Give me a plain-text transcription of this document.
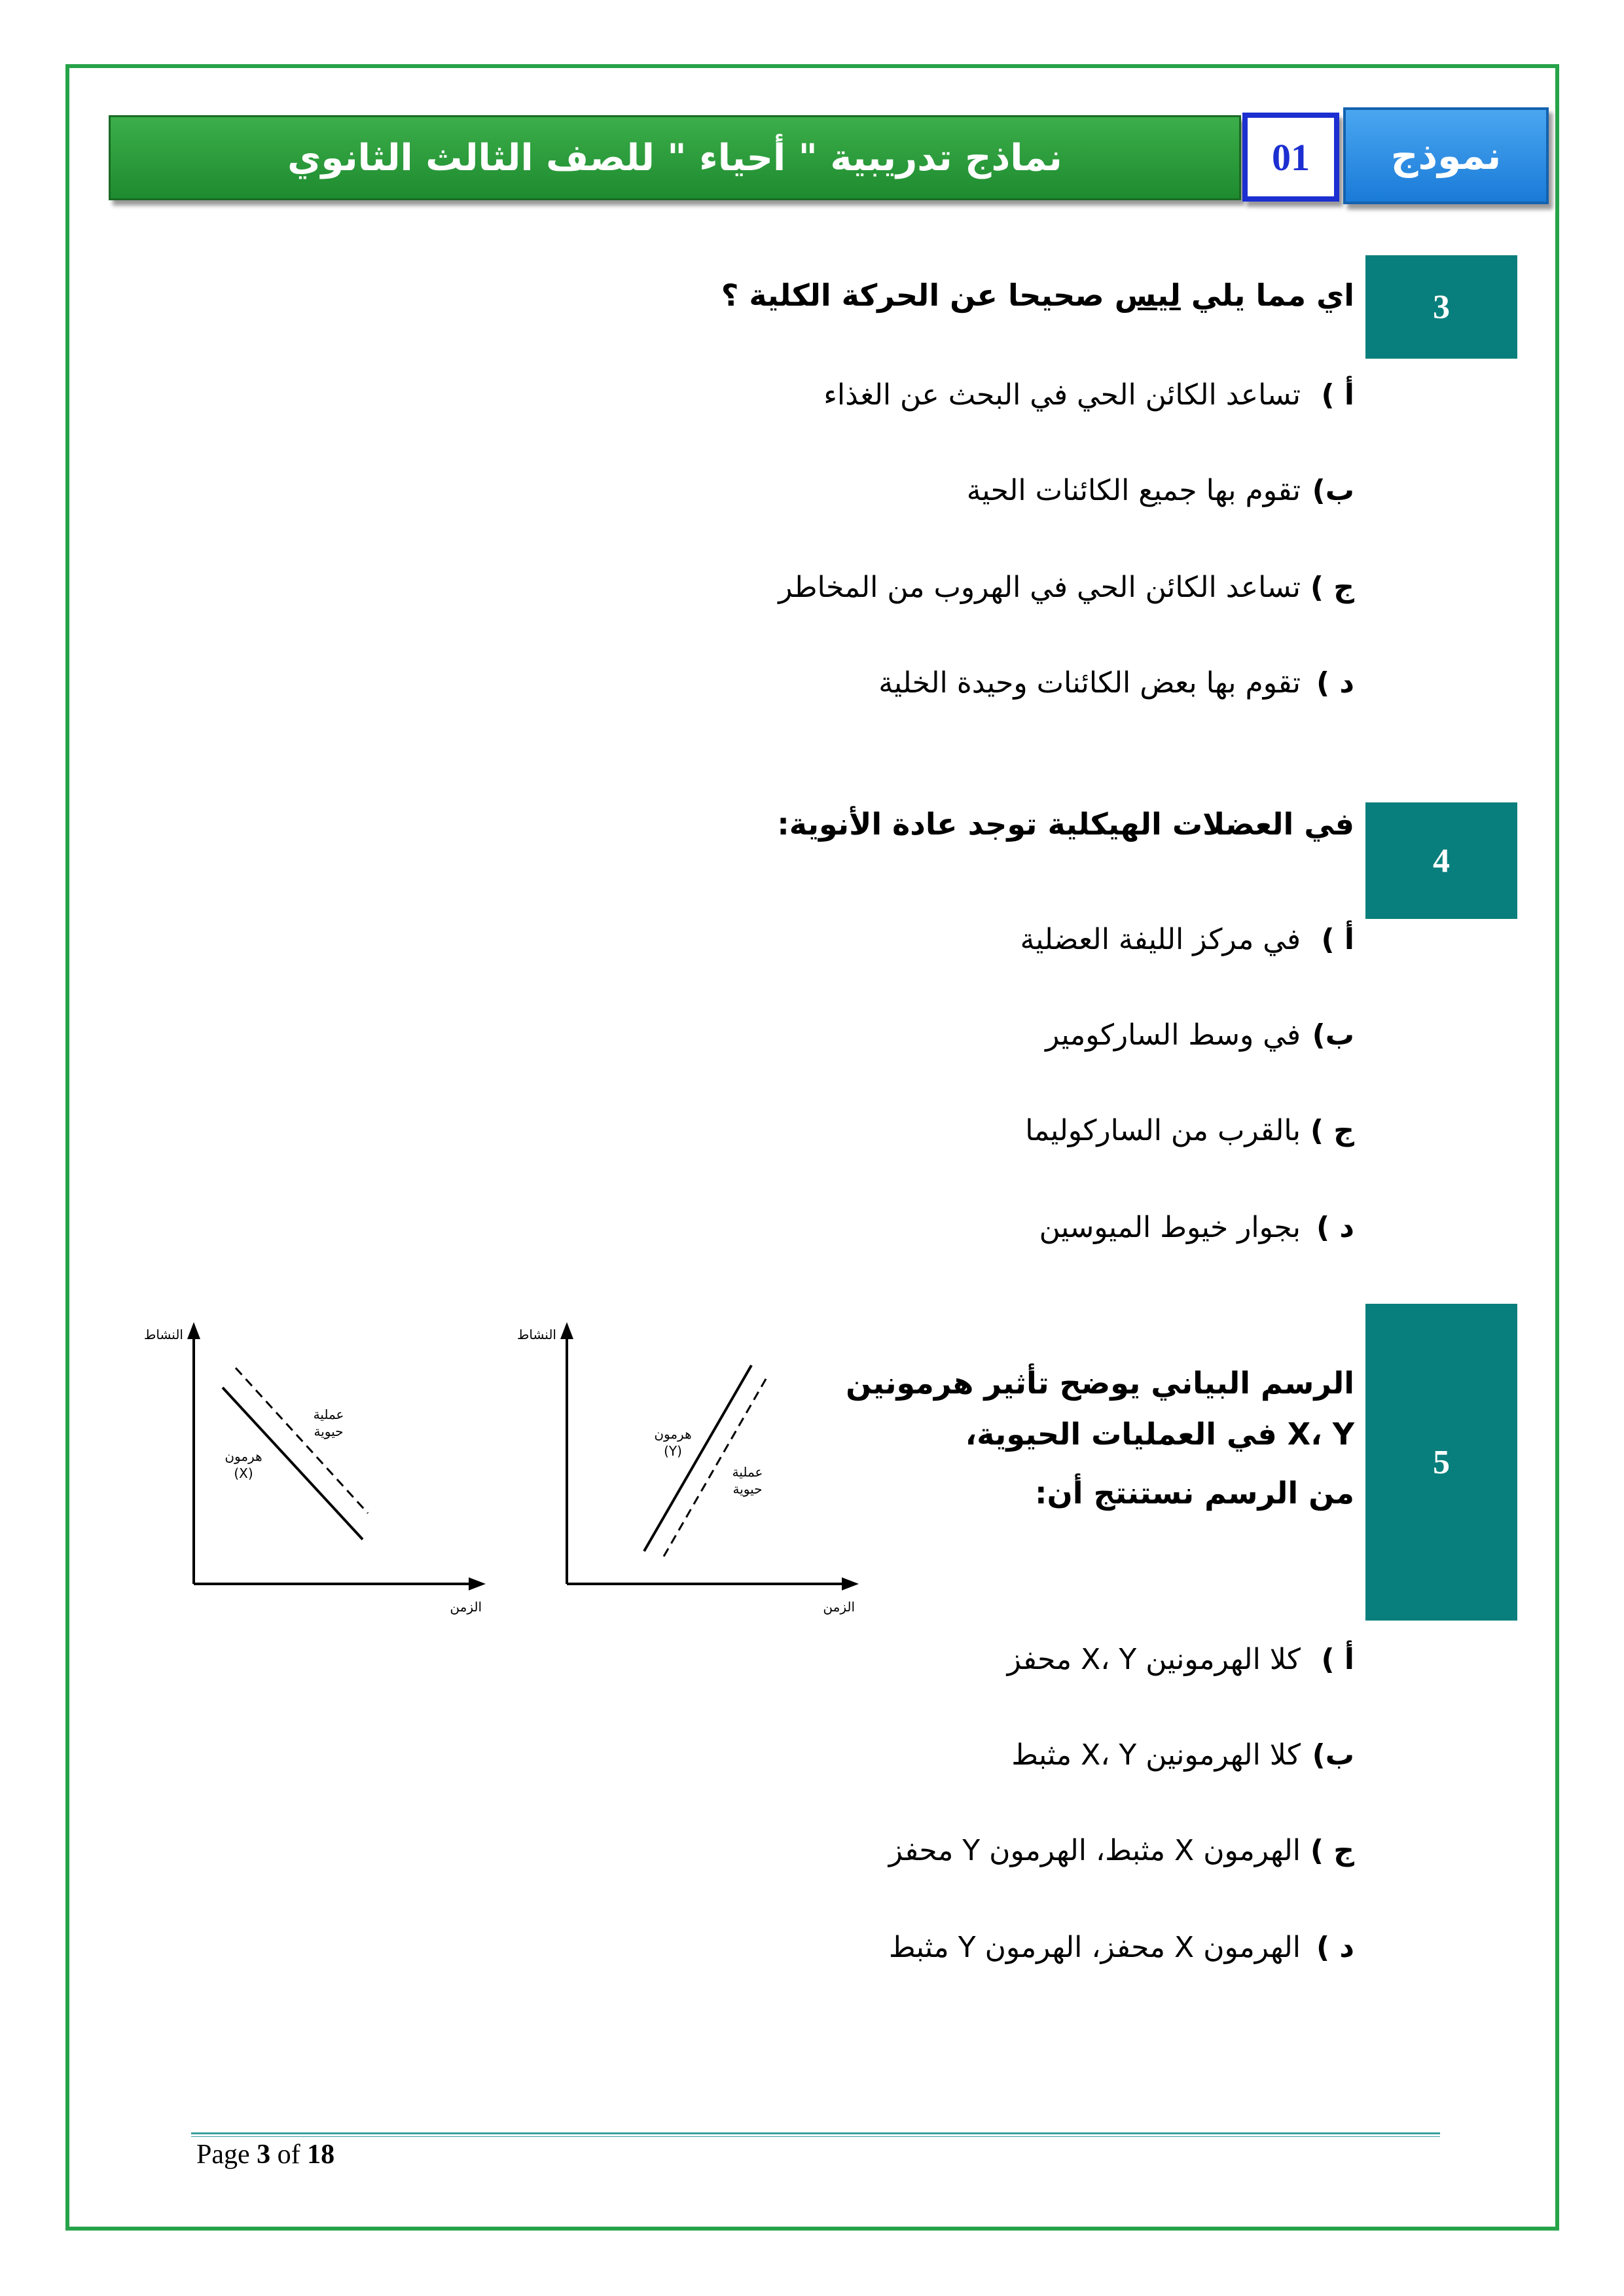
نماذج تدريبية " أحياء " للصف الثالث الثانوي	01 نموذج
3
اي مما يلي ليس صحيحا عن الحركة الكلية ؟
أ )
تساعد الكائن الحي في البحث عن الغذاء
ب)
تقوم بها جميع الكائنات الحية
ج )
تساعد الكائن الحي في الهروب من المخاطر
د )
تقوم بها بعض الكائنات وحيدة الخلية
4
في العضلات الهيكلية توجد عادة الأنوية:
أ )
في مركز الليفة العضلية
ب)
في وسط الساركومير
ج )
بالقرب من الساركوليما
د )
بجوار خيوط الميوسين
5
الرسم البياني يوضح تأثير هرمونين
X، Y في العمليات الحيوية،
من الرسم نستنتج أن:
النشاط
الزمن
هرمون
(X)
عملية
حيوية	هرمون
(Y)
النشاط
الزمن
عملية
حيوية
أ )
كلا الهرمونين X، Y محفز
ب)
كلا الهرمونين X، Y مثبط
ج )
الهرمون X مثبط، الهرمون Y محفز
د )
الهرمون X محفز، الهرمون Y مثبط
Page 3 of 18
